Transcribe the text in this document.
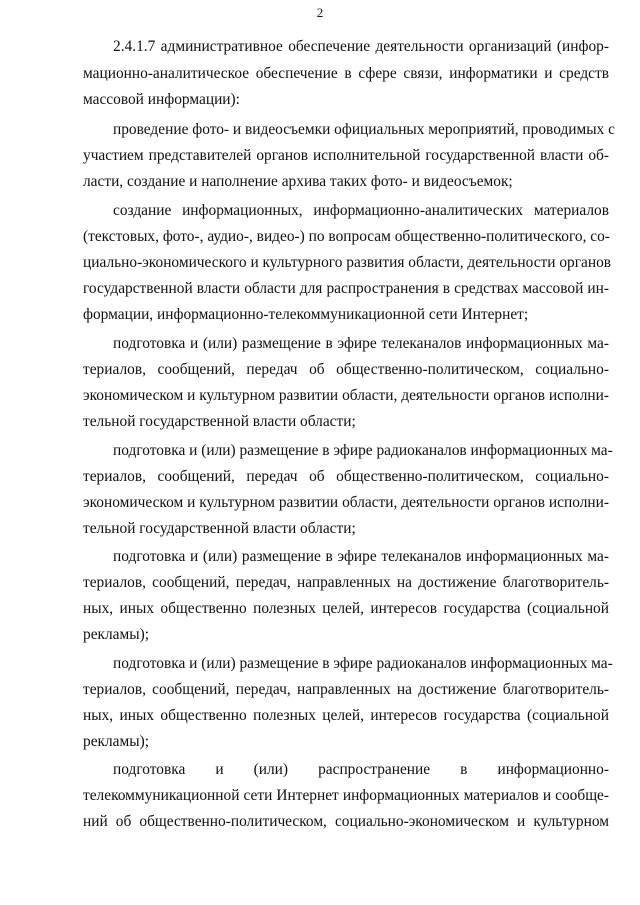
2
2.4.1.7 административное обеспечение деятельности организаций (инфор-
мационно-аналитическое обеспечение в сфере связи, информатики и средств
массовой информации):
проведение фото- и видеосъемки официальных мероприятий, проводимых с
участием представителей органов исполнительной государственной власти об-
ласти, создание и наполнение архива таких фото- и видеосъемок;
создание информационных, информационно-аналитических материалов
(текстовых, фото-, аудио-, видео-) по вопросам общественно-политического, со-
циально-экономического и культурного развития области, деятельности органов
государственной власти области для распространения в средствах массовой ин-
формации, информационно-телекоммуникационной сети Интернет;
подготовка и (или) размещение в эфире телеканалов информационных ма-
териалов, сообщений, передач об общественно-политическом, социально-
экономическом и культурном развитии области, деятельности органов исполни-
тельной государственной власти области;
подготовка и (или) размещение в эфире радиоканалов информационных ма-
териалов, сообщений, передач об общественно-политическом, социально-
экономическом и культурном развитии области, деятельности органов исполни-
тельной государственной власти области;
подготовка и (или) размещение в эфире телеканалов информационных ма-
териалов, сообщений, передач, направленных на достижение благотворитель-
ных, иных общественно полезных целей, интересов государства (социальной
рекламы);
подготовка и (или) размещение в эфире радиоканалов информационных ма-
териалов, сообщений, передач, направленных на достижение благотворитель-
ных, иных общественно полезных целей, интересов государства (социальной
рекламы);
подготовка и (или) распространение в информационно-
телекоммуникационной сети Интернет информационных материалов и сообще-
ний об общественно-политическом, социально-экономическом и культурном
